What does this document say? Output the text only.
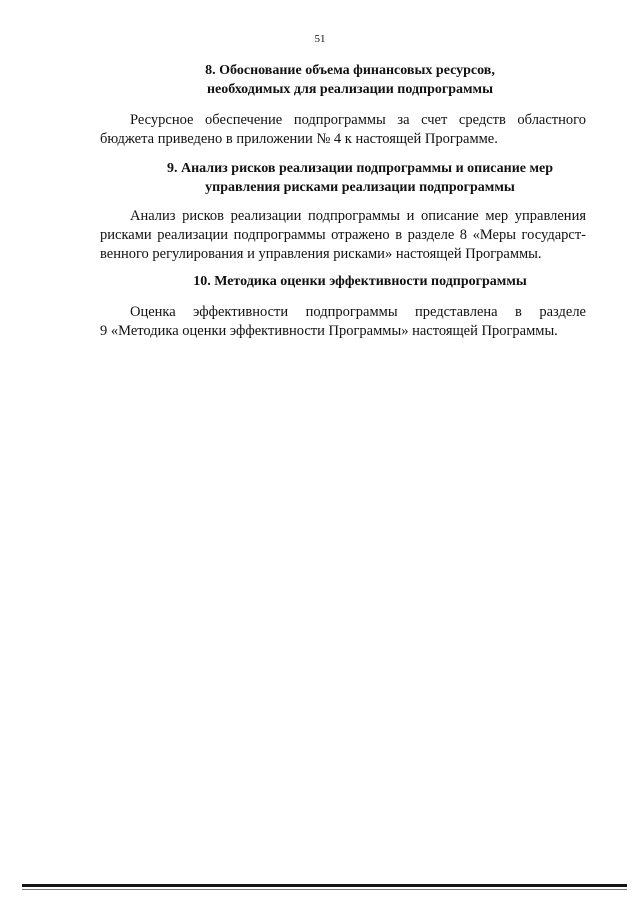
51
8. Обоснование объема финансовых ресурсов,
необходимых для реализации подпрограммы
Ресурсное обеспечение подпрограммы за счет средств областного
бюджета приведено в приложении № 4 к настоящей Программе.
9. Анализ рисков реализации подпрограммы и описание мер
управления рисками реализации подпрограммы
Анализ рисков реализации подпрограммы и описание мер управления
рисками реализации подпрограммы отражено в разделе 8 «Меры государст-
венного регулирования и управления рисками» настоящей Программы.
10. Методика оценки эффективности подпрограммы
Оценка эффективности подпрограммы представлена в разделе
9 «Методика оценки эффективности Программы» настоящей Программы.
